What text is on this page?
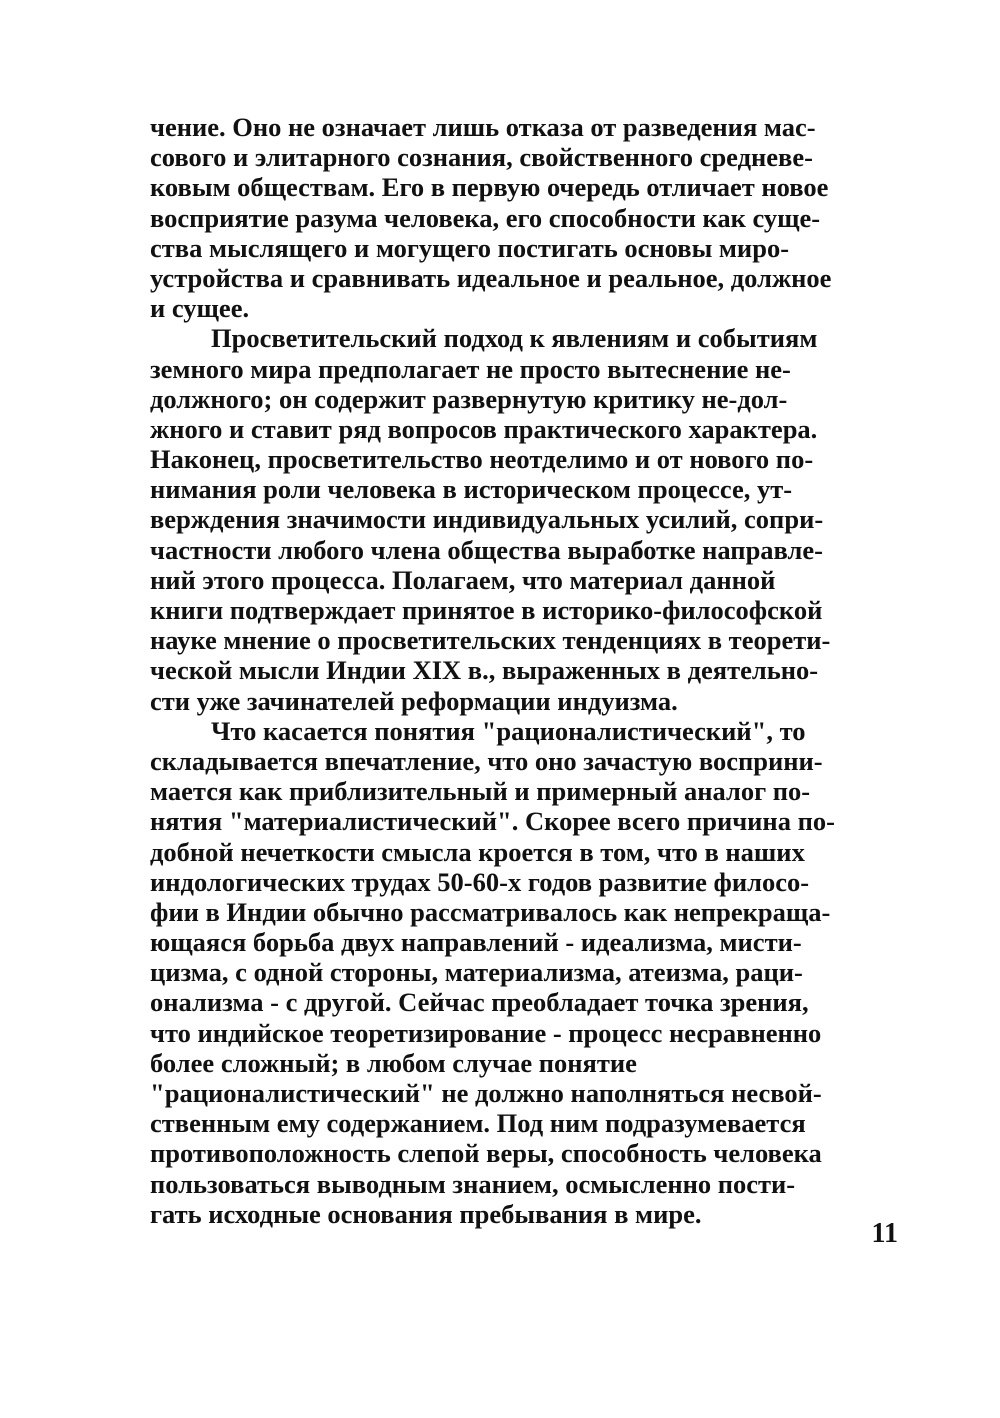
чение. Оно не означает лишь отказа от разведения мас-
сового и элитарного сознания, свойственного средневе-
ковым обществам. Его в первую очередь отличает новое
восприятие разума человека, его способности как суще-
ства мыслящего и могущего постигать основы миро-
устройства и сравнивать идеальное и реальное, должное
и сущее.

Просветительский подход к явлениям и событиям
земного мира предполагает не просто вытеснение не-
должного; он содержит развернутую критику не-дол-
жного и ставит ряд вопросов практического характера.
Наконец, просветительство неотделимо и от нового по-
нимания роли человека в историческом процессе, ут-
верждения значимости индивидуальных усилий, сопри-
частности любого члена общества выработке направле-
ний этого процесса. Полагаем, что материал данной
книги подтверждает принятое в историко-философской
науке мнение о просветительских тенденциях в теорети-
ческой мысли Индии XIX в., выраженных в деятельно-
сти уже зачинателей реформации индуизма.

Что касается понятия "рационалистический", то
складывается впечатление, что оно зачастую восприни-
мается как приблизительный и примерный аналог по-
нятия "материалистический". Скорее всего причина по-
добной нечеткости смысла кроется в том, что в наших
индологических трудах 50-60-х годов развитие филосо-
фии в Индии обычно рассматривалось как непрекраща-
ющаяся борьба двух направлений - идеализма, мисти-
цизма, с одной стороны, материализма, атеизма, раци-
онализма - с другой. Сейчас преобладает точка зрения,
что индийское теоретизирование - процесс несравненно
более сложный; в любом случае понятие
"рационалистический" не должно наполняться несвой-
ственным ему содержанием. Под ним подразумевается
противоположность слепой веры, способность человека
пользоваться выводным знанием, осмысленно пости-
гать исходные основания пребывания в мире.

11
